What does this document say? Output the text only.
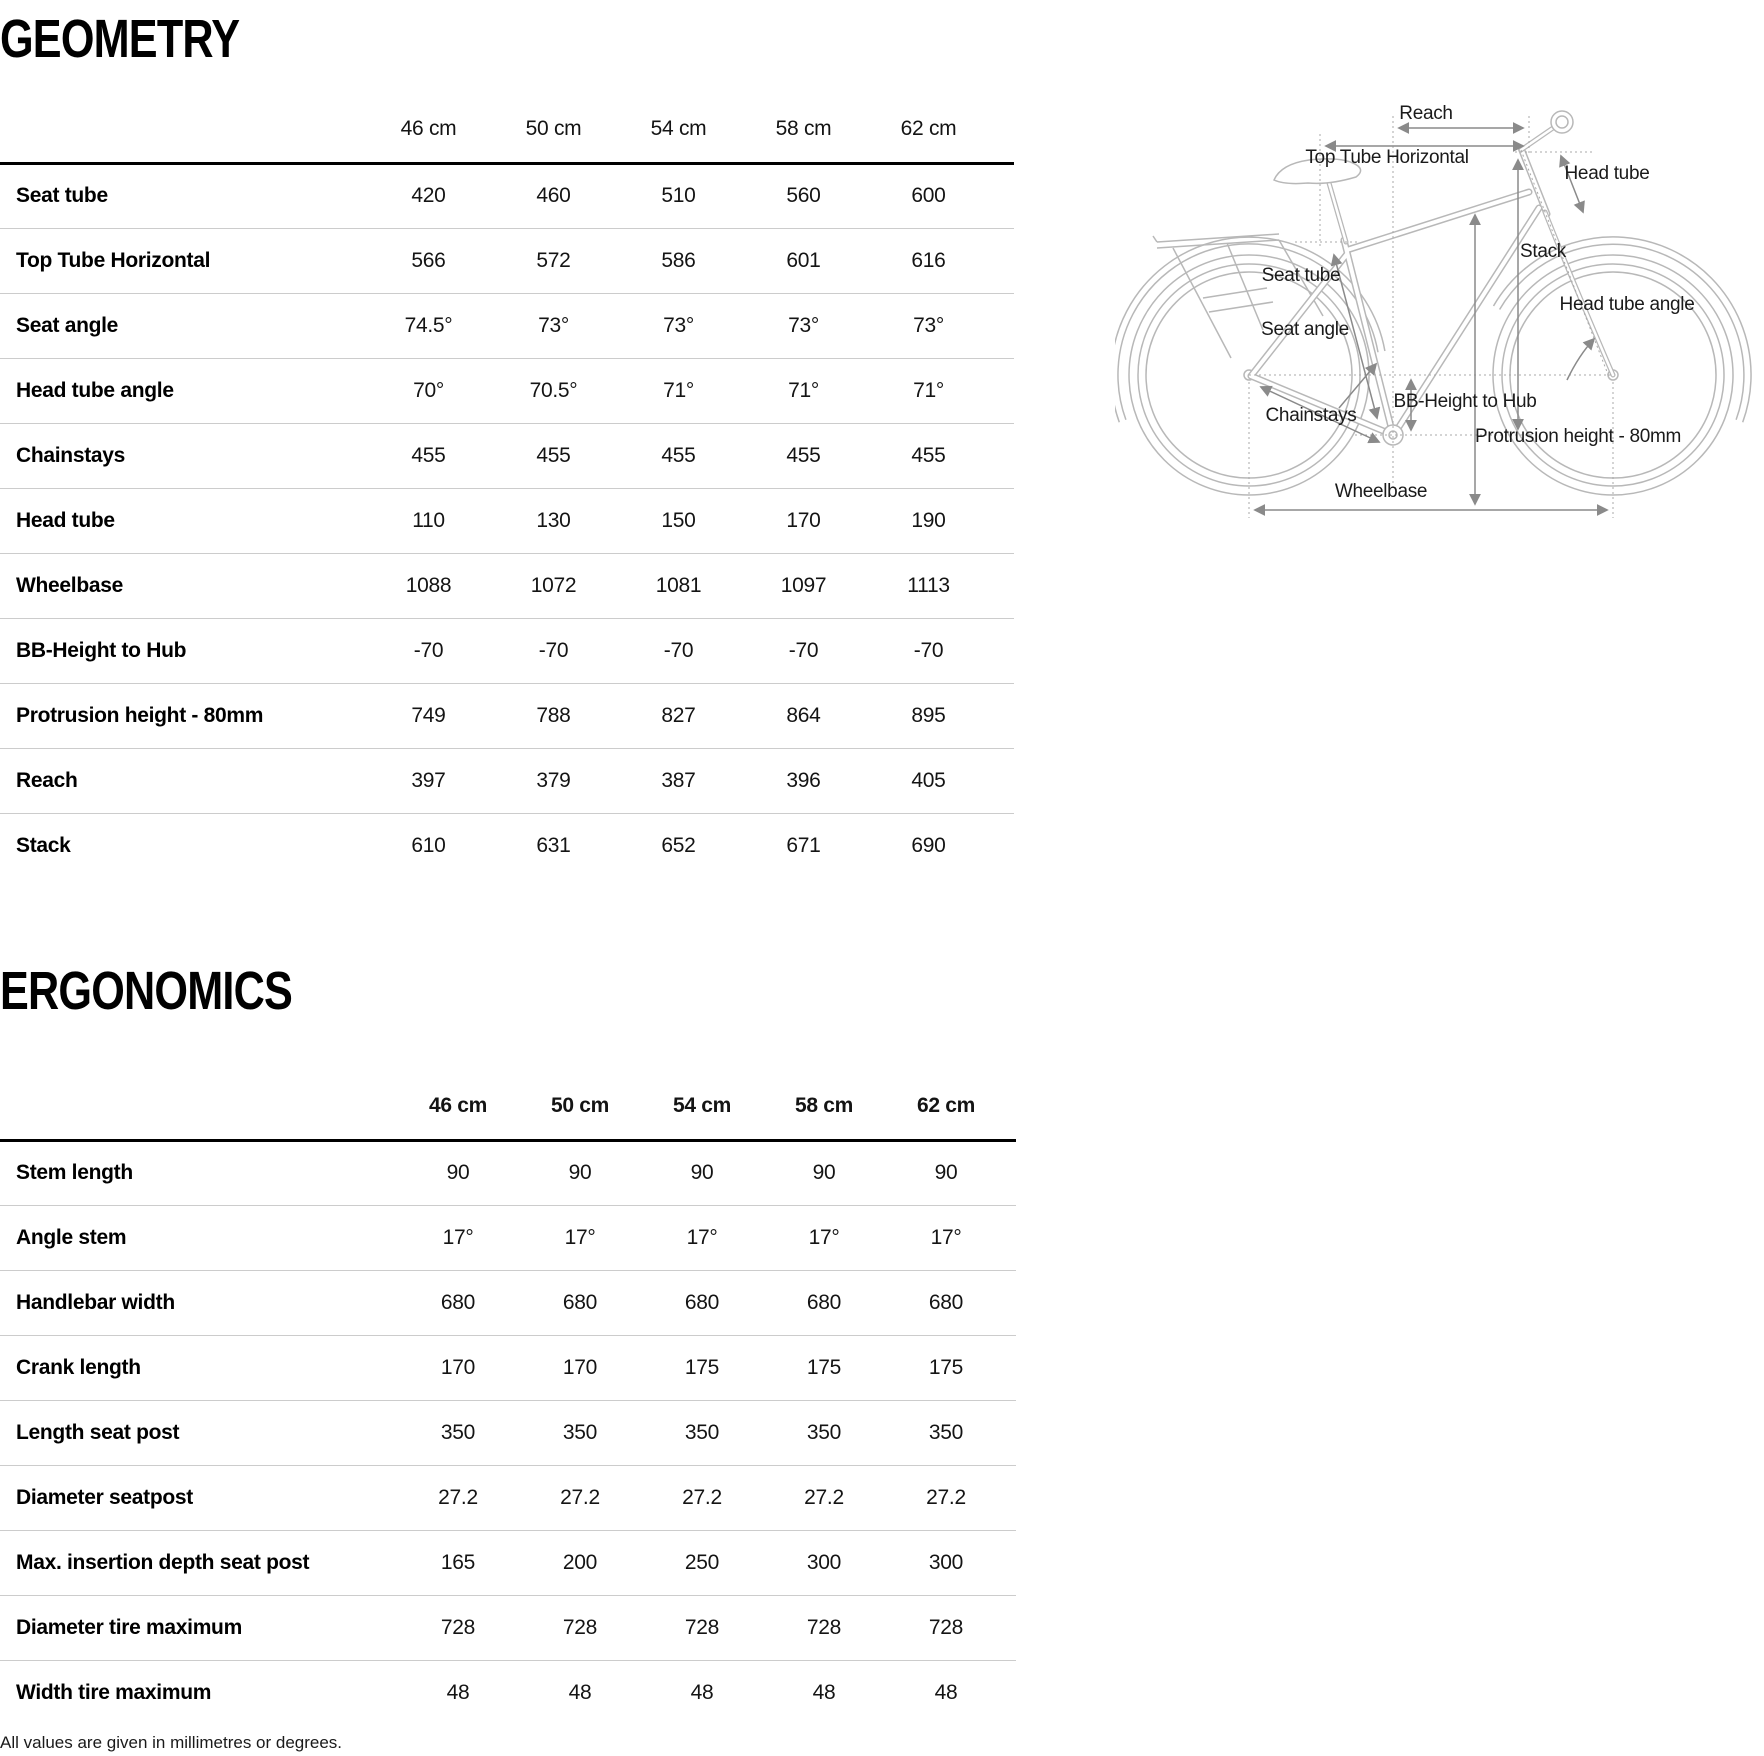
GEOMETRY
	46 cm	50 cm	54 cm	58 cm	62 cm	
Seat tube	420	460	510	560	600	
Top Tube Horizontal	566	572	586	601	616	
Seat angle	74.5°	73°	73°	73°	73°	
Head tube angle	70°	70.5°	71°	71°	71°	
Chainstays	455	455	455	455	455	
Head tube	110	130	150	170	190	
Wheelbase	1088	1072	1081	1097	1113	
BB-Height to Hub	-70	-70	-70	-70	-70	
Protrusion height - 80mm	749	788	827	864	895	
Reach	397	379	387	396	405	
Stack	610	631	652	671	690	
Reach
Top Tube Horizontal
Head tube
Stack
Seat tube
Head tube angle
Seat angle
BB-Height to Hub
Chainstays
Protrusion height - 80mm
Wheelbase
ERGONOMICS
	46 cm	50 cm	54 cm	58 cm	62 cm	
Stem length	90	90	90	90	90	
Angle stem	17°	17°	17°	17°	17°	
Handlebar width	680	680	680	680	680	
Crank length	170	170	175	175	175	
Length seat post	350	350	350	350	350	
Diameter seatpost	27.2	27.2	27.2	27.2	27.2	
Max. insertion depth seat post	165	200	250	300	300	
Diameter tire maximum	728	728	728	728	728	
Width tire maximum	48	48	48	48	48	
All values are given in millimetres or degrees.
